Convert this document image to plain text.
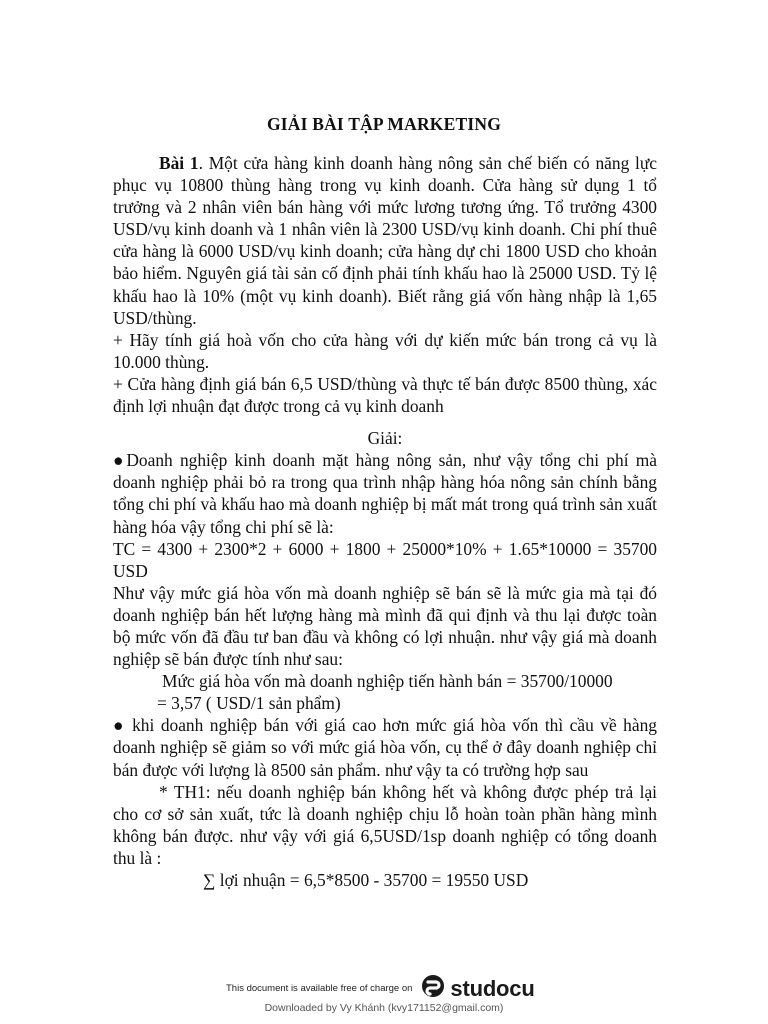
GIẢI BÀI TẬP MARKETING
Bài 1. Một cửa hàng kinh doanh hàng nông sản chế biến có năng lực phục vụ 10800 thùng hàng trong vụ kinh doanh. Cửa hàng sử dụng 1 tổ trưởng và 2 nhân viên bán hàng với mức lương tương ứng. Tổ trưởng 4300 USD/vụ kinh doanh và 1 nhân viên là 2300 USD/vụ kinh doanh. Chi phí thuê cửa hàng là 6000 USD/vụ kinh doanh; cửa hàng dự chi 1800 USD cho khoản bảo hiểm. Nguyên giá tài sản cố định phải tính khấu hao là 25000 USD. Tỷ lệ khấu hao là 10% (một vụ kinh doanh). Biết rằng giá vốn hàng nhập là 1,65 USD/thùng.
+ Hãy tính giá hoà vốn cho cửa hàng với dự kiến mức bán trong cả vụ là 10.000 thùng.
+ Cửa hàng định giá bán 6,5 USD/thùng và thực tế bán được 8500 thùng, xác định lợi nhuận đạt được trong cả vụ kinh doanh
Giải:
●Doanh nghiệp kinh doanh mặt hàng nông sản, như vậy tổng chi phí mà doanh nghiệp phải bỏ ra trong qua trình nhập hàng hóa nông sản chính bằng tổng chi phí và khấu hao mà doanh nghiệp bị mất mát trong quá trình sản xuất hàng hóa vậy tổng chi phí sẽ là:
TC = 4300 + 2300*2 + 6000 + 1800 + 25000*10% + 1.65*10000 = 35700 USD
Như vậy mức giá hòa vốn mà doanh nghiệp sẽ bán sẽ là mức gia mà tại đó doanh nghiệp bán hết lượng hàng mà mình đã qui định và thu lại được toàn bộ mức vốn đã đầu tư ban đầu và không có lợi nhuận. như vậy giá mà doanh nghiệp sẽ bán được tính như sau:
Mức giá hòa vốn mà doanh nghiệp tiến hành bán = 35700/10000
= 3,57 ( USD/1 sản phẩm)
● khi doanh nghiệp bán với giá cao hơn mức giá hòa vốn thì cầu về hàng doanh nghiệp sẽ giảm so với mức giá hòa vốn, cụ thể ở đây doanh nghiệp chỉ bán được với lượng là 8500 sản phẩm. như vậy ta có trường hợp sau
* TH1: nếu doanh nghiệp bán không hết và không được phép trả lại cho cơ sở sản xuất, tức là doanh nghiệp chịu lỗ hoàn toàn phần hàng mình không bán được. như vậy với giá 6,5USD/1sp doanh nghiệp có tổng doanh thu là :
∑ lợi nhuận = 6,5*8500 - 35700 = 19550 USD
This document is available free of charge on studocu
Downloaded by Vy Khánh (kvy171152@gmail.com)
